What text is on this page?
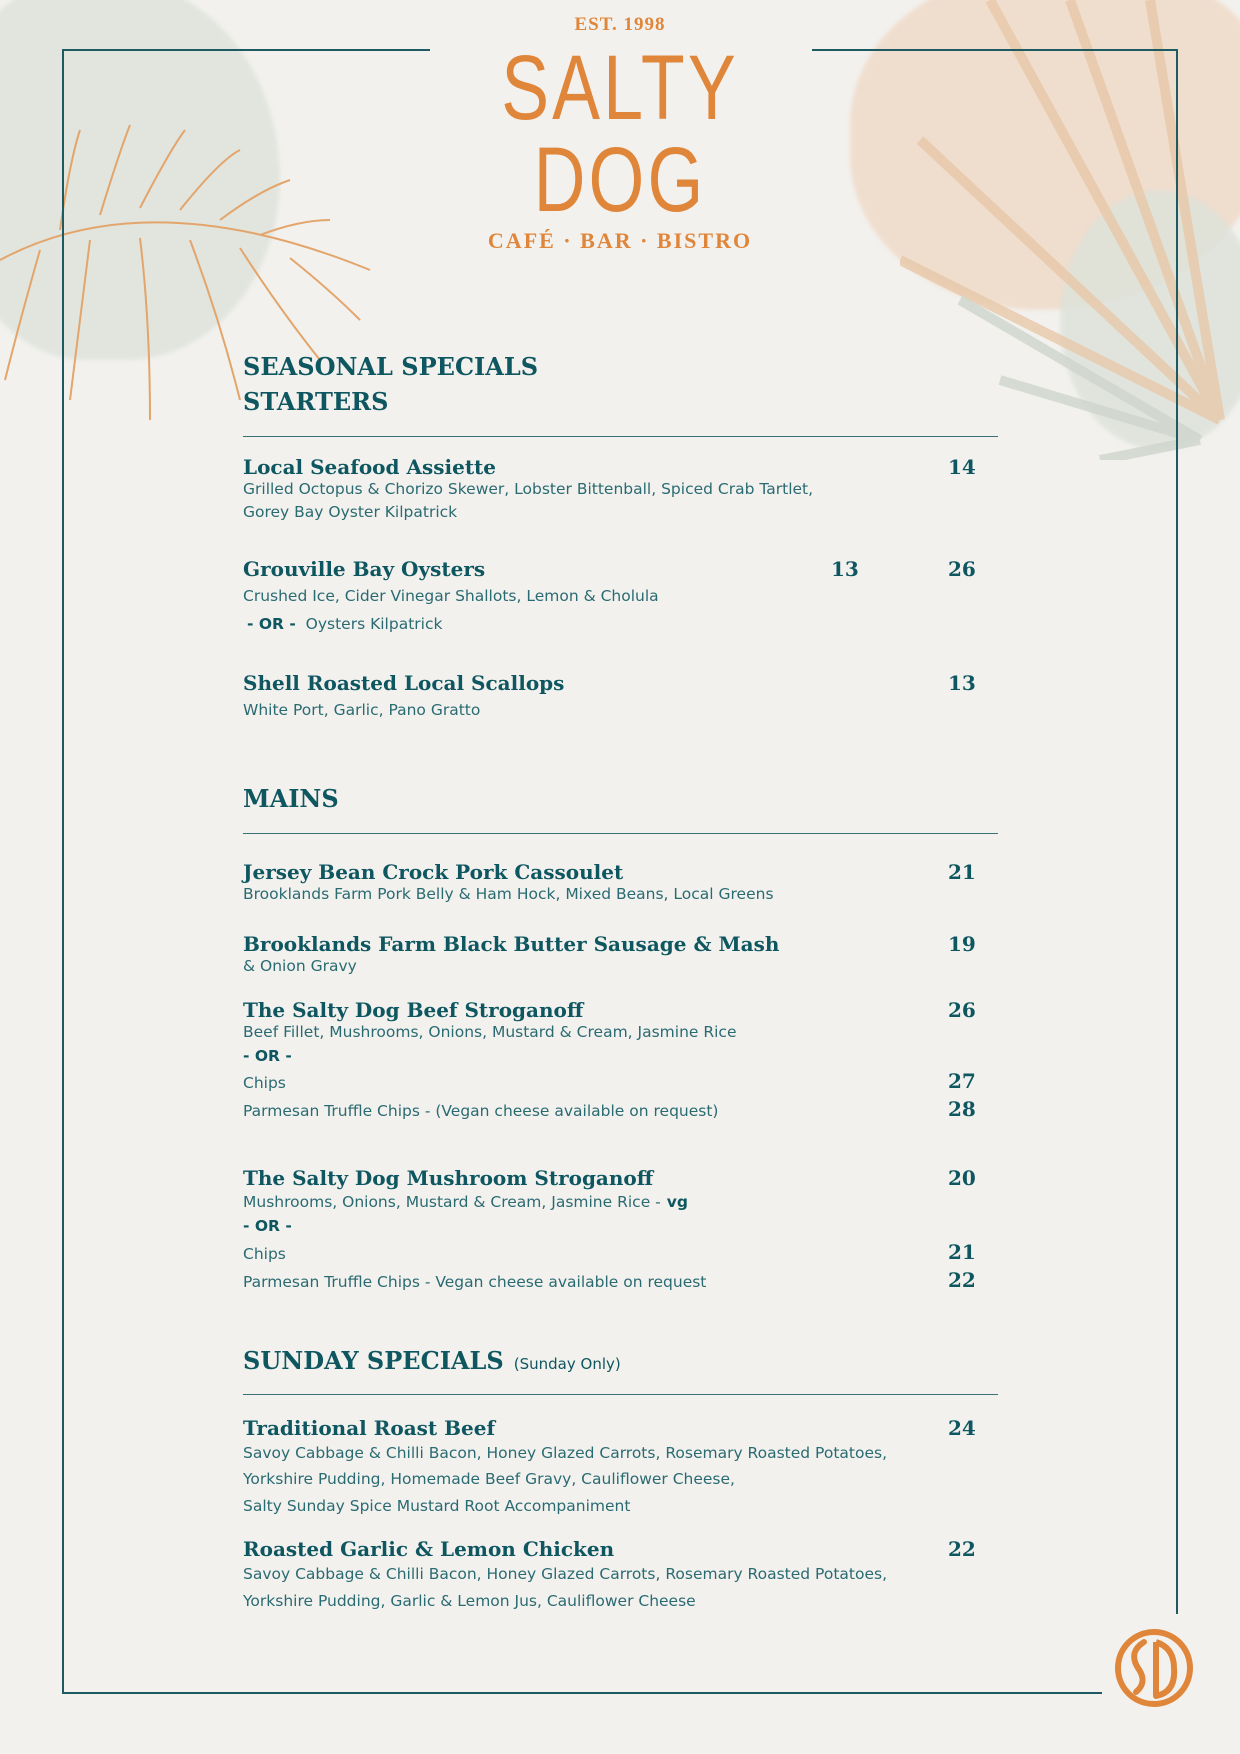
EST. 1998
SALTY DOG
CAFÉ · BAR · BISTRO
SEASONAL SPECIALS
STARTERS
Local Seafood Assiette	14
Grilled Octopus & Chorizo Skewer, Lobster Bittenball, Spiced Crab Tartlet,
Gorey Bay Oyster Kilpatrick
Grouville Bay Oysters	13	26
Crushed Ice, Cider Vinegar Shallots, Lemon & Cholula
- OR - Oysters Kilpatrick
Shell Roasted Local Scallops	13
White Port, Garlic, Pano Gratto
MAINS
Jersey Bean Crock Pork Cassoulet	21
Brooklands Farm Pork Belly & Ham Hock, Mixed Beans, Local Greens
Brooklands Farm Black Butter Sausage & Mash	19
& Onion Gravy
The Salty Dog Beef Stroganoff	26
Beef Fillet, Mushrooms, Onions, Mustard & Cream, Jasmine Rice
- OR -
Chips	27
Parmesan Truffle Chips - (Vegan cheese available on request)	28
The Salty Dog Mushroom Stroganoff	20
Mushrooms, Onions, Mustard & Cream, Jasmine Rice - vg
- OR -
Chips	21
Parmesan Truffle Chips - Vegan cheese available on request	22
SUNDAY SPECIALS (Sunday Only)
Traditional Roast Beef	24
Savoy Cabbage & Chilli Bacon, Honey Glazed Carrots, Rosemary Roasted Potatoes,
Yorkshire Pudding, Homemade Beef Gravy, Cauliflower Cheese,
Salty Sunday Spice Mustard Root Accompaniment
Roasted Garlic & Lemon Chicken	22
Savoy Cabbage & Chilli Bacon, Honey Glazed Carrots, Rosemary Roasted Potatoes,
Yorkshire Pudding, Garlic & Lemon Jus, Cauliflower Cheese
